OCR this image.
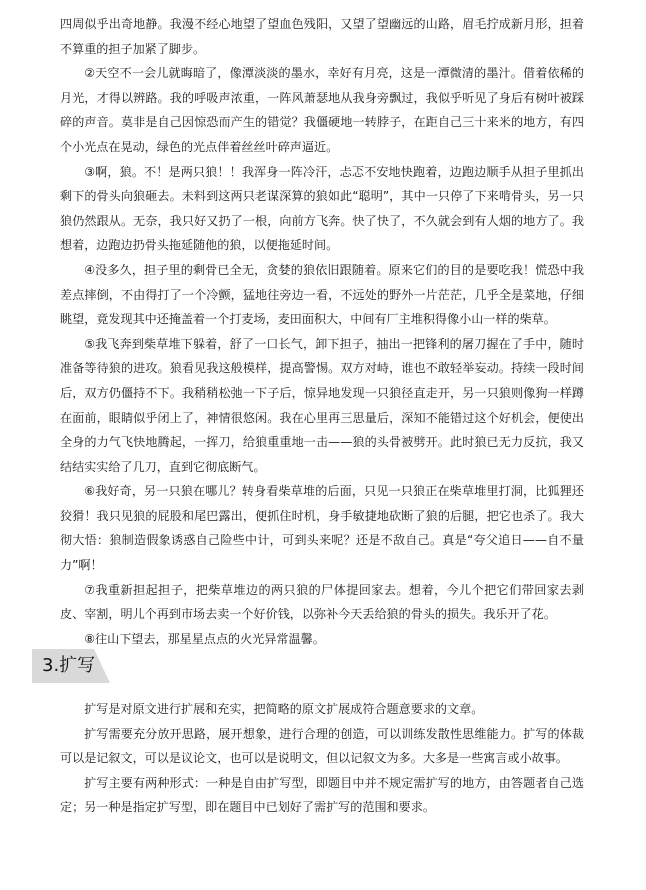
四周似乎出奇地静。我漫不经心地望了望血色残阳，又望了望幽远的山路，眉毛拧成新月形，担着不算重的担子加紧了脚步。

②天空不一会儿就晦暗了，像潭淡淡的墨水，幸好有月亮，这是一潭微清的墨汁。借着依稀的月光，才得以辨路。我的呼吸声浓重，一阵风萧瑟地从我身旁飘过，我似乎听见了身后有树叶被踩碎的声音。莫非是自己因惊恐而产生的错觉？我僵硬地一转脖子，在距自己三十来米的地方，有四个小光点在晃动，绿色的光点伴着丝丝叶碎声逼近。

③啊，狼。不！是两只狼！！我浑身一阵冷汗，忐忑不安地快跑着，边跑边顺手从担子里抓出剩下的骨头向狼砸去。未料到这两只老谋深算的狼如此“聪明”，其中一只停了下来啃骨头，另一只狼仍然跟从。无奈，我只好又扔了一根，向前方飞奔。快了快了，不久就会到有人烟的地方了。我想着，边跑边扔骨头拖延随他的狼，以便拖延时间。

④没多久，担子里的剩骨已全无，贪婪的狼依旧跟随着。原来它们的目的是要吃我！慌恐中我差点摔倒，不由得打了一个冷颤，猛地往旁边一看，不远处的野外一片茫茫，几乎全是菜地，仔细眺望，竟发现其中还掩盖着一个打麦场，麦田面积大，中间有厂主堆积得像小山一样的柴草。

⑤我飞奔到柴草堆下躲着，舒了一口长气，卸下担子，抽出一把锋利的屠刀握在了手中，随时准备等待狼的进攻。狼看见我这般模样，提高警惕。双方对峙，谁也不敢轻举妄动。持续一段时间后，双方仍僵持不下。我稍稍松弛一下子后，惊异地发现一只狼径直走开，另一只狼则像狗一样蹲在面前，眼睛似乎闭上了，神情很悠闲。我在心里再三思量后，深知不能错过这个好机会，便使出全身的力气飞快地腾起，一挥刀，给狼重重地一击——狼的头骨被劈开。此时狼已无力反抗，我又结结实实给了几刀，直到它彻底断气。

⑥我好奇，另一只狼在哪儿？转身看柴草堆的后面，只见一只狼正在柴草堆里打洞，比狐狸还狡猾！我只见狼的屁股和尾巴露出，便抓住时机，身手敏捷地砍断了狼的后腿，把它也杀了。我大彻大悟：狼制造假象诱惑自己险些中计，可到头来呢？还是不敌自己。真是“夸父追日——自不量力”啊！

⑦我重新担起担子，把柴草堆边的两只狼的尸体提回家去。想着，今儿个把它们带回家去剥皮、宰割，明儿个再到市场去卖一个好价钱，以弥补今天丢给狼的骨头的损失。我乐开了花。

⑧往山下望去，那星星点点的火光异常温馨。

3.扩写

扩写是对原文进行扩展和充实，把简略的原文扩展成符合题意要求的文章。

扩写需要充分放开思路，展开想象，进行合理的创造，可以训练发散性思维能力。扩写的体裁可以是记叙文，可以是议论文，也可以是说明文，但以记叙文为多。大多是一些寓言或小故事。

扩写主要有两种形式：一种是自由扩写型，即题目中并不规定需扩写的地方，由答题者自己选定；另一种是指定扩写型，即在题目中已划好了需扩写的范围和要求。
